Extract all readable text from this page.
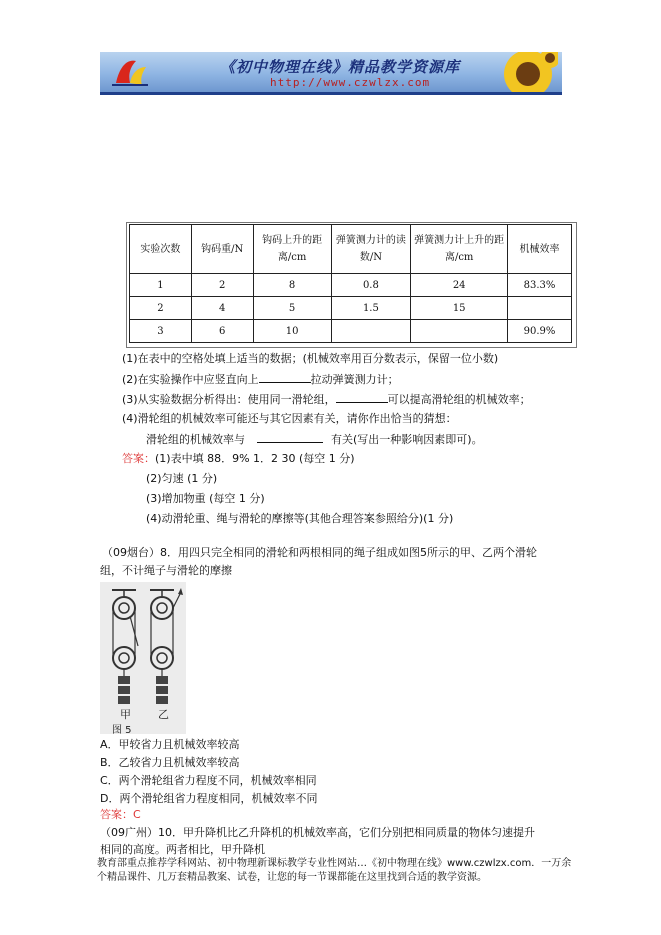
《初中物理在线》精品教学资源库
http://www.czwlzx.com
实验次数	钩码重/N	钩码上升的距离/cm	弹簧测力计的读数/N	弹簧测力计上升的距离/cm	机械效率
1	2	8	0.8	24	83.3%
2	4	5	1.5	15	
3	6	10			90.9%
(1)在表中的空格处填上适当的数据；(机械效率用百分数表示，保留一位小数)
(2)在实验操作中应竖直向上	拉动弹簧测力计；
(3)从实验数据分析得出：使用同一滑轮组，	可以提高滑轮组的机械效率；
(4)滑轮组的机械效率可能还与其它因素有关，请你作出恰当的猜想：
滑轮组的机械效率与	有关(写出一种影响因素即可)。
答案：(1)表中填 88．9% 1．2 30 (每空 1 分)
(2)匀速 (1 分)
(3)增加物重 (每空 1 分)
(4)动滑轮重、绳与滑轮的摩擦等(其他合理答案参照给分)(1 分)
（09烟台）8．用四只完全相同的滑轮和两根相同的绳子组成如图5所示的甲、乙两个滑轮
组，不计绳子与滑轮的摩擦
甲 乙
图 5
A．甲较省力且机械效率较高
B．乙较省力且机械效率较高
C．两个滑轮组省力程度不同，机械效率相同
D．两个滑轮组省力程度相同，机械效率不同
答案：C
（09广州）10．甲升降机比乙升降机的机械效率高，它们分别把相同质量的物体匀速提升
相同的高度。两者相比，甲升降机
教育部重点推荐学科网站、初中物理新课标教学专业性网站…《初中物理在线》www.czwlzx.com．一万余
个精品课件、几万套精品教案、试卷，让您的每一节课都能在这里找到合适的教学资源。
